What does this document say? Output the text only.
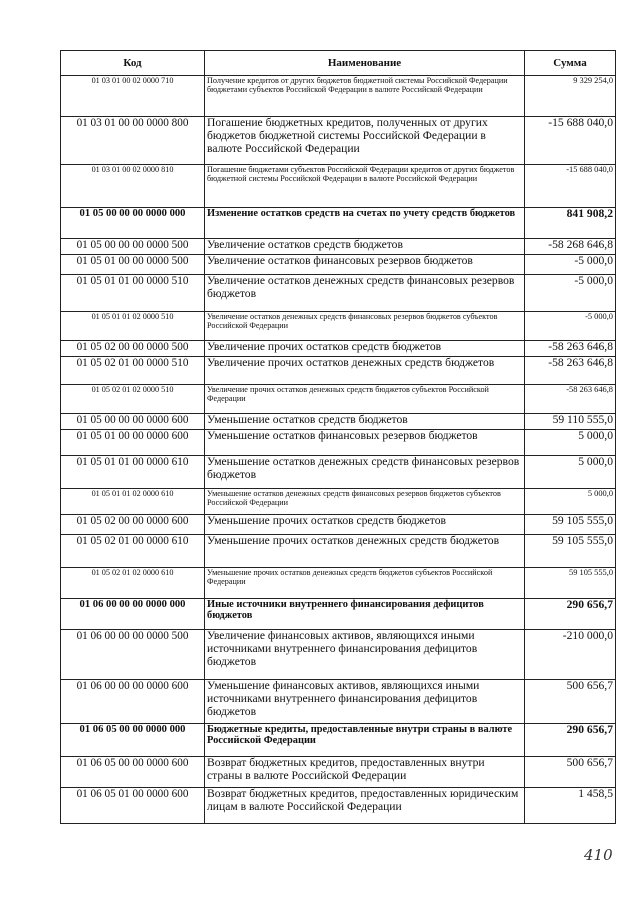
Код	Наименование	Сумма
01 03 01 00 02 0000 710	Получение кредитов от других бюджетов бюджетной системы Российской Федерации бюджетами субъектов Российской Федерации в валюте Российской Федерации	9 329 254,0
01 03 01 00 00 0000 800	Погашение бюджетных кредитов, полученных от других бюджетов бюджетной системы Российской Федерации в валюте Российской Федерации	-15 688 040,0
01 03 01 00 02 0000 810	Погашение бюджетами субъектов Российской Федерации кредитов от других бюджетов бюджетной системы Российской Федерации в валюте Российской Федерации	-15 688 040,0
01 05 00 00 00 0000 000	Изменение остатков средств на счетах по учету средств бюджетов	841 908,2
01 05 00 00 00 0000 500	Увеличение остатков средств бюджетов	-58 268 646,8
01 05 01 00 00 0000 500	Увеличение остатков финансовых резервов бюджетов	-5 000,0
01 05 01 01 00 0000 510	Увеличение остатков денежных средств финансовых резервов бюджетов	-5 000,0
01 05 01 01 02 0000 510	Увеличение остатков денежных средств финансовых резервов бюджетов субъектов Российской Федерации	-5 000,0
01 05 02 00 00 0000 500	Увеличение прочих остатков средств бюджетов	-58 263 646,8
01 05 02 01 00 0000 510	Увеличение прочих остатков денежных средств бюджетов	-58 263 646,8
01 05 02 01 02 0000 510	Увеличение прочих остатков денежных средств бюджетов субъектов Российской Федерации	-58 263 646,8
01 05 00 00 00 0000 600	Уменьшение остатков средств бюджетов	59 110 555,0
01 05 01 00 00 0000 600	Уменьшение остатков финансовых резервов бюджетов	5 000,0
01 05 01 01 00 0000 610	Уменьшение остатков денежных средств финансовых резервов бюджетов	5 000,0
01 05 01 01 02 0000 610	Уменьшение остатков денежных средств финансовых резервов бюджетов субъектов Российской Федерации	5 000,0
01 05 02 00 00 0000 600	Уменьшение прочих остатков средств бюджетов	59 105 555,0
01 05 02 01 00 0000 610	Уменьшение прочих остатков денежных средств бюджетов	59 105 555,0
01 05 02 01 02 0000 610	Уменьшение прочих остатков денежных средств бюджетов субъектов Российской Федерации	59 105 555,0
01 06 00 00 00 0000 000	Иные источники внутреннего финансирования дефицитов бюджетов	290 656,7
01 06 00 00 00 0000 500	Увеличение финансовых активов, являющихся иными источниками внутреннего финансирования дефицитов бюджетов	-210 000,0
01 06 00 00 00 0000 600	Уменьшение финансовых активов, являющихся иными источниками внутреннего финансирования дефицитов бюджетов	500 656,7
01 06 05 00 00 0000 000	Бюджетные кредиты, предоставленные внутри страны в валюте Российской Федерации	290 656,7
01 06 05 00 00 0000 600	Возврат бюджетных кредитов, предоставленных внутри страны в валюте Российской Федерации	500 656,7
01 06 05 01 00 0000 600	Возврат бюджетных кредитов, предоставленных юридическим лицам в валюте Российской Федерации	1 458,5
410
